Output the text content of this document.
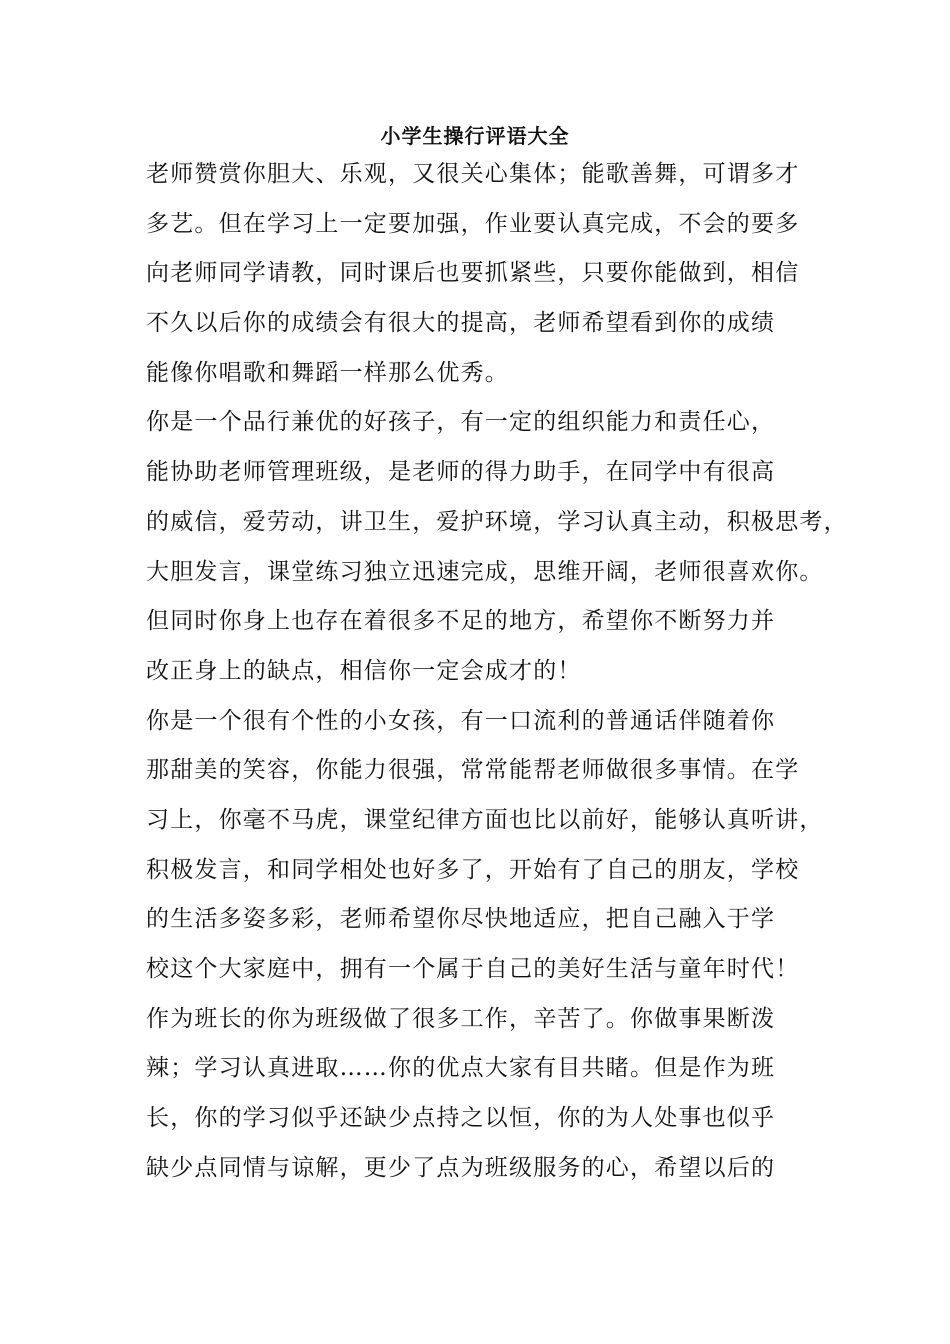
小学生操行评语大全
老师赞赏你胆大、乐观，又很关心集体；能歌善舞，可谓多才
多艺。但在学习上一定要加强，作业要认真完成，不会的要多
向老师同学请教，同时课后也要抓紧些，只要你能做到，相信
不久以后你的成绩会有很大的提高，老师希望看到你的成绩
能像你唱歌和舞蹈一样那么优秀。
你是一个品行兼优的好孩子，有一定的组织能力和责任心，
能协助老师管理班级，是老师的得力助手，在同学中有很高
的威信，爱劳动，讲卫生，爱护环境，学习认真主动，积极思考，
大胆发言，课堂练习独立迅速完成，思维开阔，老师很喜欢你。
但同时你身上也存在着很多不足的地方，希望你不断努力并
改正身上的缺点，相信你一定会成才的！
你是一个很有个性的小女孩，有一口流利的普通话伴随着你
那甜美的笑容，你能力很强，常常能帮老师做很多事情。在学
习上，你毫不马虎，课堂纪律方面也比以前好，能够认真听讲，
积极发言，和同学相处也好多了，开始有了自己的朋友，学校
的生活多姿多彩，老师希望你尽快地适应，把自己融入于学
校这个大家庭中，拥有一个属于自己的美好生活与童年时代！
作为班长的你为班级做了很多工作，辛苦了。你做事果断泼
辣；学习认真进取……你的优点大家有目共睹。但是作为班
长，你的学习似乎还缺少点持之以恒，你的为人处事也似乎
缺少点同情与谅解，更少了点为班级服务的心，希望以后的
